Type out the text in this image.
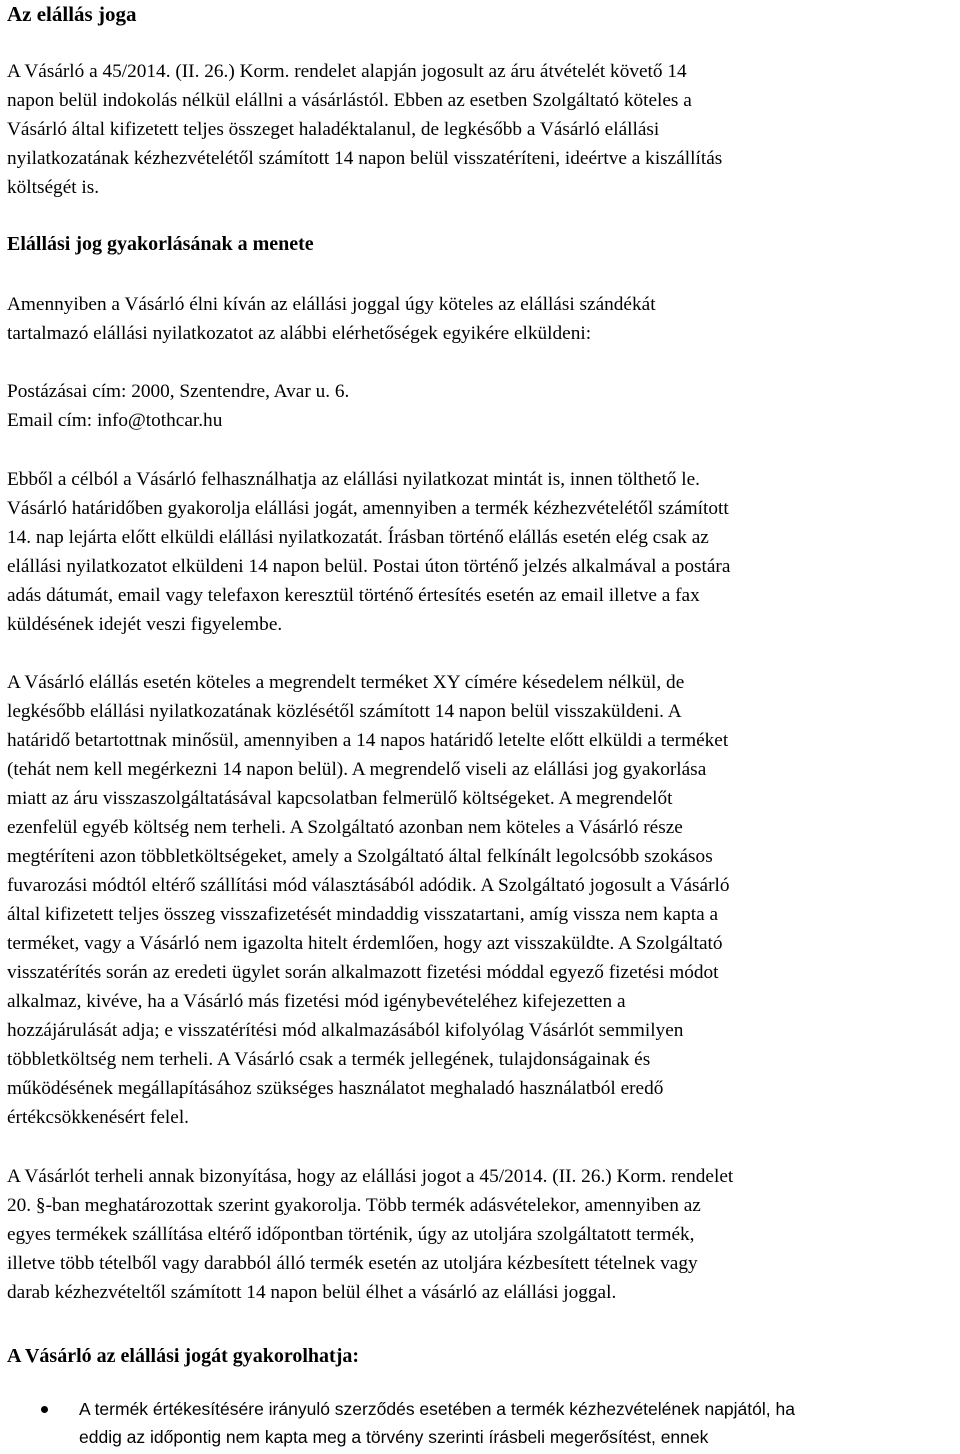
Az elállás joga

A Vásárló a 45/2014. (II. 26.) Korm. rendelet alapján jogosult az áru átvételét követő 14
napon belül indokolás nélkül elállni a vásárlástól. Ebben az esetben Szolgáltató köteles a
Vásárló által kifizetett teljes összeget haladéktalanul, de legkésőbb a Vásárló elállási
nyilatkozatának kézhezvételétől számított 14 napon belül visszatéríteni, ideértve a kiszállítás
költségét is.

Elállási jog gyakorlásának a menete

Amennyiben a Vásárló élni kíván az elállási joggal úgy köteles az elállási szándékát
tartalmazó elállási nyilatkozatot az alábbi elérhetőségek egyikére elküldeni:

Postázásai cím: 2000, Szentendre, Avar u. 6.
Email cím: info@tothcar.hu

Ebből a célból a Vásárló felhasználhatja az elállási nyilatkozat mintát is, innen tölthető le.
Vásárló határidőben gyakorolja elállási jogát, amennyiben a termék kézhezvételétől számított
14. nap lejárta előtt elküldi elállási nyilatkozatát. Írásban történő elállás esetén elég csak az
elállási nyilatkozatot elküldeni 14 napon belül. Postai úton történő jelzés alkalmával a postára
adás dátumát, email vagy telefaxon keresztül történő értesítés esetén az email illetve a fax
küldésének idejét veszi figyelembe.

A Vásárló elállás esetén köteles a megrendelt terméket XY címére késedelem nélkül, de
legkésőbb elállási nyilatkozatának közlésétől számított 14 napon belül visszaküldeni. A
határidő betartottnak minősül, amennyiben a 14 napos határidő letelte előtt elküldi a terméket
(tehát nem kell megérkezni 14 napon belül). A megrendelő viseli az elállási jog gyakorlása
miatt az áru visszaszolgáltatásával kapcsolatban felmerülő költségeket. A megrendelőt
ezenfelül egyéb költség nem terheli. A Szolgáltató azonban nem köteles a Vásárló része
megtéríteni azon többletköltségeket, amely a Szolgáltató által felkínált legolcsóbb szokásos
fuvarozási módtól eltérő szállítási mód választásából adódik. A Szolgáltató jogosult a Vásárló
által kifizetett teljes összeg visszafizetését mindaddig visszatartani, amíg vissza nem kapta a
terméket, vagy a Vásárló nem igazolta hitelt érdemlően, hogy azt visszaküldte. A Szolgáltató
visszatérítés során az eredeti ügylet során alkalmazott fizetési móddal egyező fizetési módot
alkalmaz, kivéve, ha a Vásárló más fizetési mód igénybevételéhez kifejezetten a
hozzájárulását adja; e visszatérítési mód alkalmazásából kifolyólag Vásárlót semmilyen
többletköltség nem terheli. A Vásárló csak a termék jellegének, tulajdonságainak és
működésének megállapításához szükséges használatot meghaladó használatból eredő
értékcsökkenésért felel.

A Vásárlót terheli annak bizonyítása, hogy az elállási jogot a 45/2014. (II. 26.) Korm. rendelet
20. §-ban meghatározottak szerint gyakorolja. Több termék adásvételekor, amennyiben az
egyes termékek szállítása eltérő időpontban történik, úgy az utoljára szolgáltatott termék,
illetve több tételből vagy darabból álló termék esetén az utoljára kézbesített tételnek vagy
darab kézhezvételtől számított 14 napon belül élhet a vásárló az elállási joggal.

A Vásárló az elállási jogát gyakorolhatja:
A termék értékesítésére irányuló szerződés esetében a termék kézhezvételének napjától, ha
eddig az időpontig nem kapta meg a törvény szerinti írásbeli megerősítést, ennek
